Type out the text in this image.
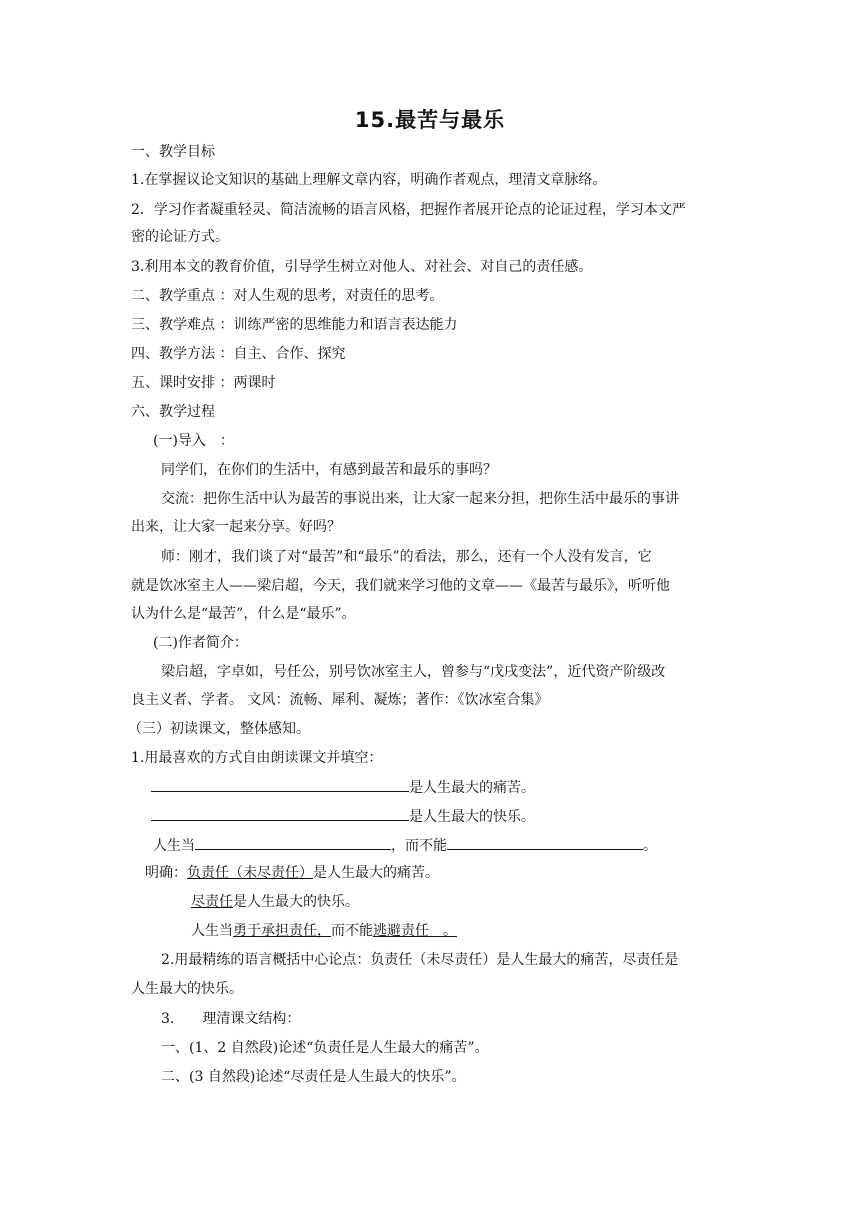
15.最苦与最乐
一、教学目标
1.在掌握议论文知识的基础上理解文章内容，明确作者观点，理清文章脉络。
2．学习作者凝重轻灵、简洁流畅的语言风格，把握作者展开论点的论证过程，学习本文严
密的论证方式。
3.利用本文的教育价值，引导学生树立对他人、对社会、对自己的责任感。
二、教学重点 ：对人生观的思考，对责任的思考。
三、教学难点 ：训练严密的思维能力和语言表达能力
四、教学方法 ：自主、合作、探究
五、课时安排 ：两课时
六、教学过程
(一)导入　：
同学们，在你们的生活中，有感到最苦和最乐的事吗？
交流：把你生活中认为最苦的事说出来，让大家一起来分担，把你生活中最乐的事讲
出来，让大家一起来分享。好吗？
师：刚才，我们谈了对“最苦”和“最乐”的看法，那么，还有一个人没有发言，它
就是饮冰室主人——梁启超，今天，我们就来学习他的文章——《最苦与最乐》，听听他
认为什么是“最苦”，什么是“最乐”。
(二)作者简介：
梁启超，字卓如，号任公，别号饮冰室主人，曾参与“戊戌变法”，近代资产阶级改
良主义者、学者。 文风：流畅、犀利、凝炼；著作：《饮冰室合集》
（三）初读课文，整体感知。
1.用最喜欢的方式自由朗读课文并填空：
是人生最大的痛苦。
是人生最大的快乐。
人生当	，而不能	。
明确：负责任（未尽责任）是人生最大的痛苦。
尽责任是人生最大的快乐。
人生当勇于承担责任，而不能逃避责任　。
2.用最精练的语言概括中心论点：负责任（未尽责任）是人生最大的痛苦，尽责任是
人生最大的快乐。
3.　　理清课文结构：
一、(1、2 自然段)论述“负责任是人生最大的痛苦”。
二、(3 自然段)论述“尽责任是人生最大的快乐”。
